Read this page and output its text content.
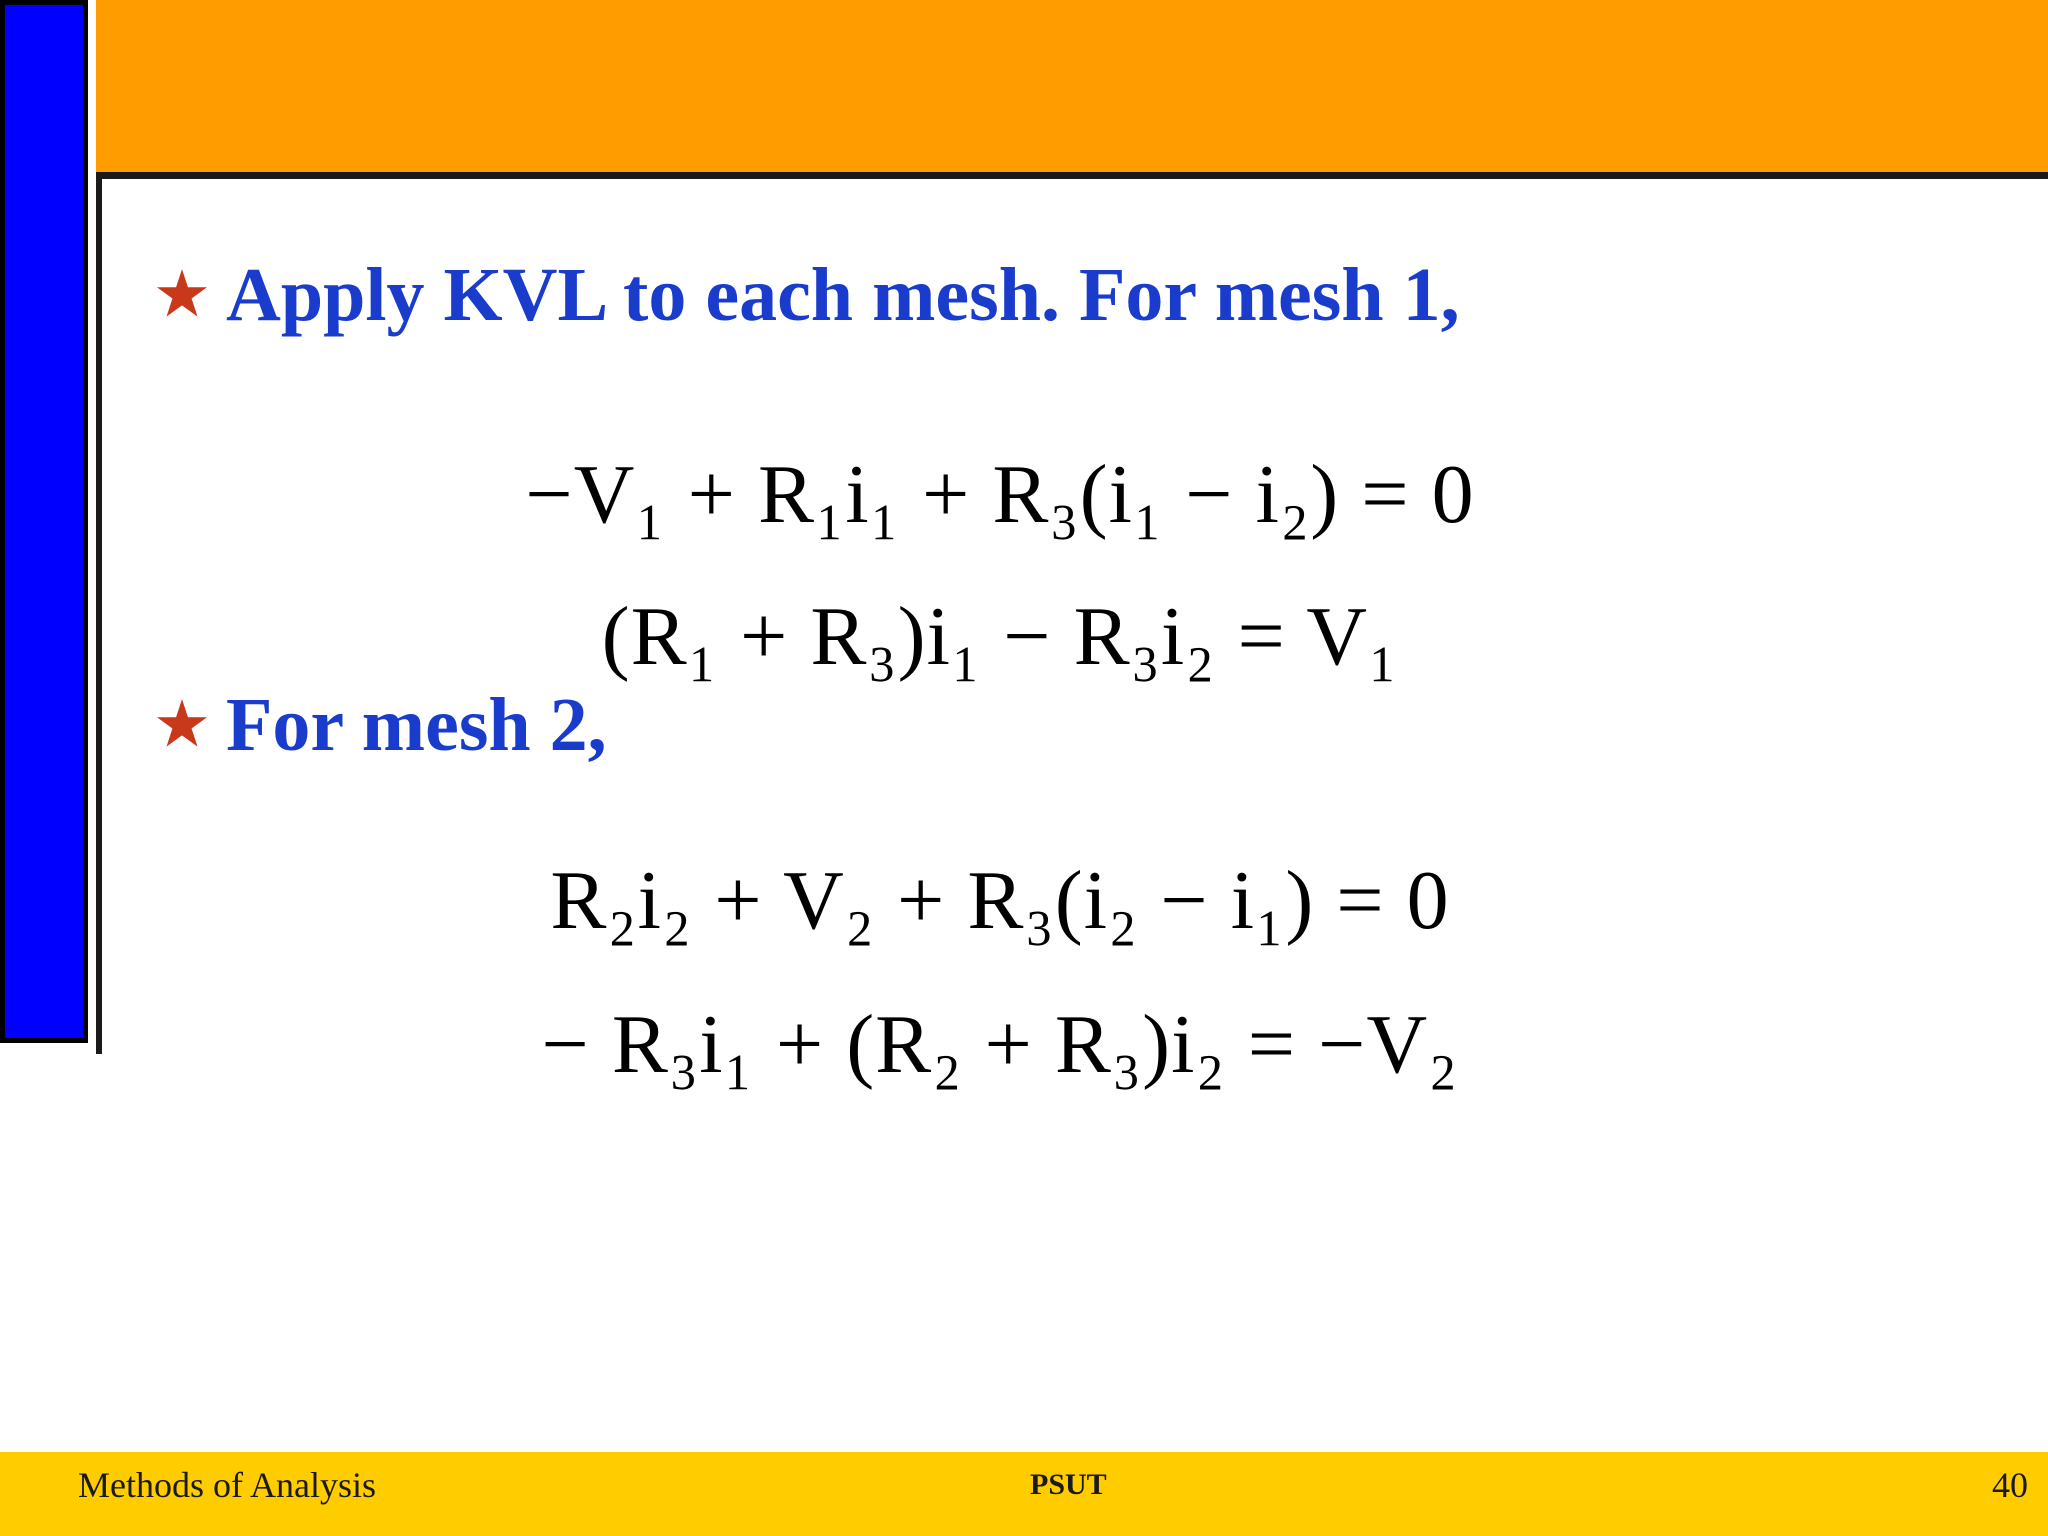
★ Apply KVL to each mesh. For mesh 1,
−V₁ + R₁i₁ + R₃(i₁ − i₂) = 0
(R₁ + R₃)i₁ − R₃i₂ = V₁
★ For mesh 2,
R₂i₂ + V₂ + R₃(i₂ − i₁) = 0
− R₃i₁ + (R₂ + R₃)i₂ = −V₂
Methods of Analysis	PSUT	40
